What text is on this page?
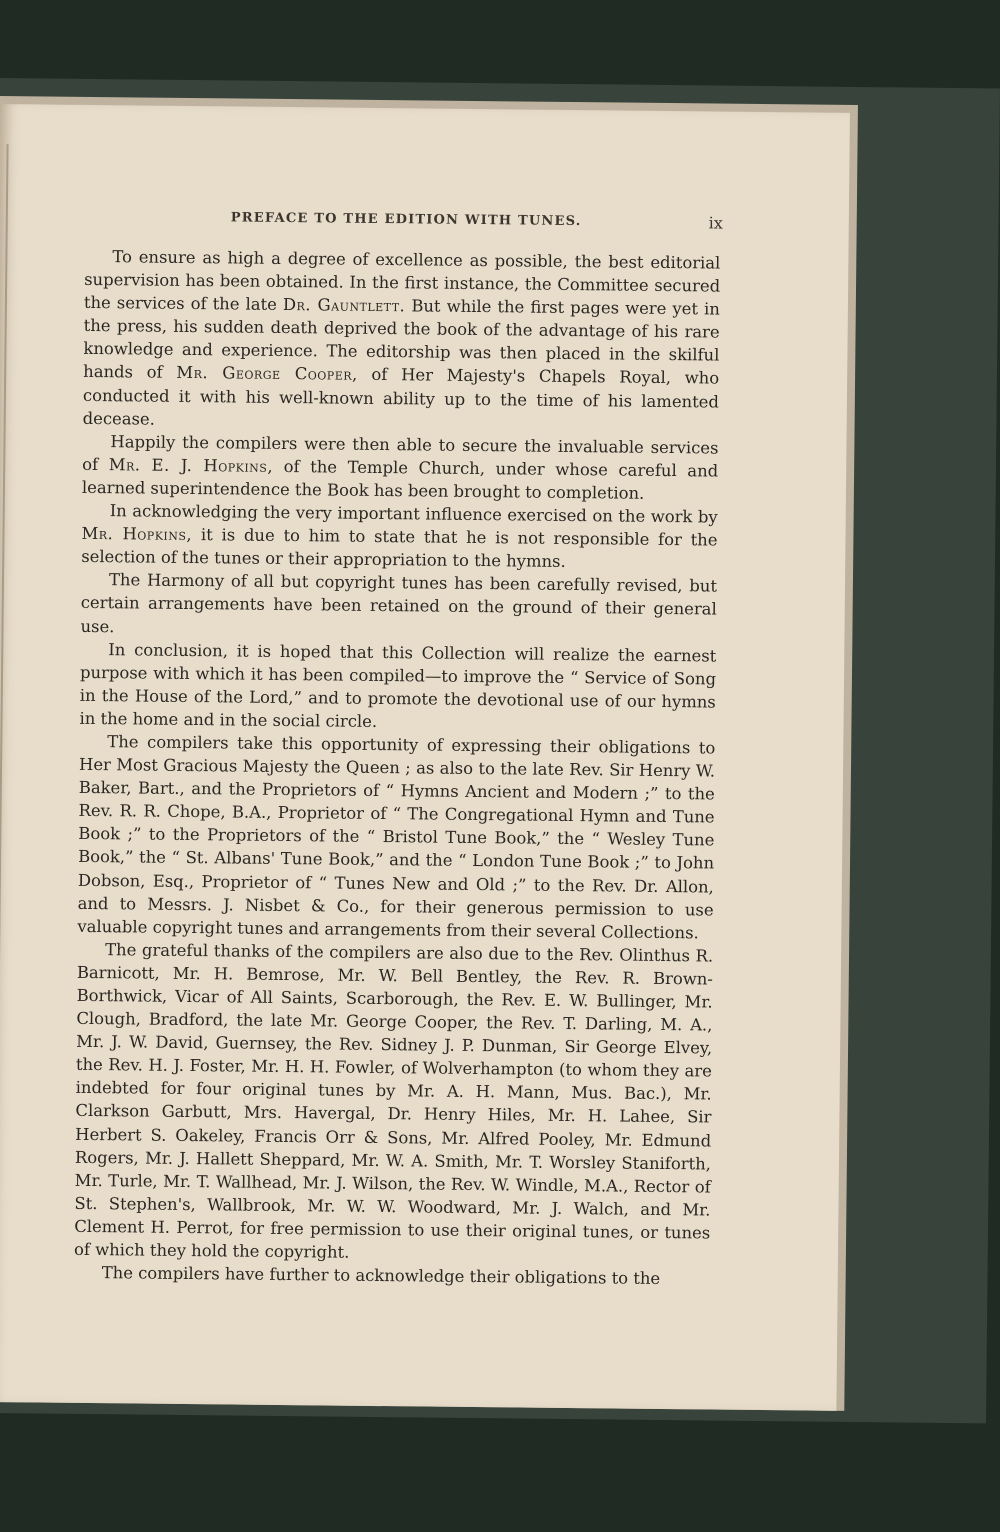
PREFACE TO THE EDITION WITH TUNES.	ix

To ensure as high a degree of excellence as possible, the best editorial supervision has been obtained. In the first instance, the Committee secured the services of the late Dr. Gauntlett. But while the first pages were yet in the press, his sudden death deprived the book of the advantage of his rare knowledge and experience. The editorship was then placed in the skilful hands of Mr. George Cooper, of Her Majesty's Chapels Royal, who conducted it with his well-known ability up to the time of his lamented decease.

Happily the compilers were then able to secure the invaluable services of Mr. E. J. Hopkins, of the Temple Church, under whose careful and learned superintendence the Book has been brought to completion.

In acknowledging the very important influence exercised on the work by Mr. Hopkins, it is due to him to state that he is not responsible for the selection of the tunes or their appropriation to the hymns.

The Harmony of all but copyright tunes has been carefully revised, but certain arrangements have been retained on the ground of their general use.

In conclusion, it is hoped that this Collection will realize the earnest purpose with which it has been compiled—to improve the “ Service of Song in the House of the Lord,” and to promote the devotional use of our hymns in the home and in the social circle.

The compilers take this opportunity of expressing their obligations to Her Most Gracious Majesty the Queen ; as also to the late Rev. Sir Henry W. Baker, Bart., and the Proprietors of “ Hymns Ancient and Modern ;” to the Rev. R. R. Chope, B.A., Proprietor of “ The Congregational Hymn and Tune Book ;” to the Proprietors of the “ Bristol Tune Book,” the “ Wesley Tune Book,” the “ St. Albans' Tune Book,” and the “ London Tune Book ;” to John Dobson, Esq., Proprietor of “ Tunes New and Old ;” to the Rev. Dr. Allon, and to Messrs. J. Nisbet & Co., for their generous permission to use valuable copyright tunes and arrangements from their several Collections.

The grateful thanks of the compilers are also due to the Rev. Olinthus R. Barnicott, Mr. H. Bemrose, Mr. W. Bell Bentley, the Rev. R. Brown-Borthwick, Vicar of All Saints, Scarborough, the Rev. E. W. Bullinger, Mr. Clough, Bradford, the late Mr. George Cooper, the Rev. T. Darling, M. A., Mr. J. W. David, Guernsey, the Rev. Sidney J. P. Dunman, Sir George Elvey, the Rev. H. J. Foster, Mr. H. H. Fowler, of Wolverhampton (to whom they are indebted for four original tunes by Mr. A. H. Mann, Mus. Bac.), Mr. Clarkson Garbutt, Mrs. Havergal, Dr. Henry Hiles, Mr. H. Lahee, Sir Herbert S. Oakeley, Francis Orr & Sons, Mr. Alfred Pooley, Mr. Edmund Rogers, Mr. J. Hallett Sheppard, Mr. W. A. Smith, Mr. T. Worsley Staniforth, Mr. Turle, Mr. T. Wallhead, Mr. J. Wilson, the Rev. W. Windle, M.A., Rector of St. Stephen's, Wallbrook, Mr. W. W. Woodward, Mr. J. Walch, and Mr. Clement H. Perrot, for free permission to use their original tunes, or tunes of which they hold the copyright.

The compilers have further to acknowledge their obligations to the
